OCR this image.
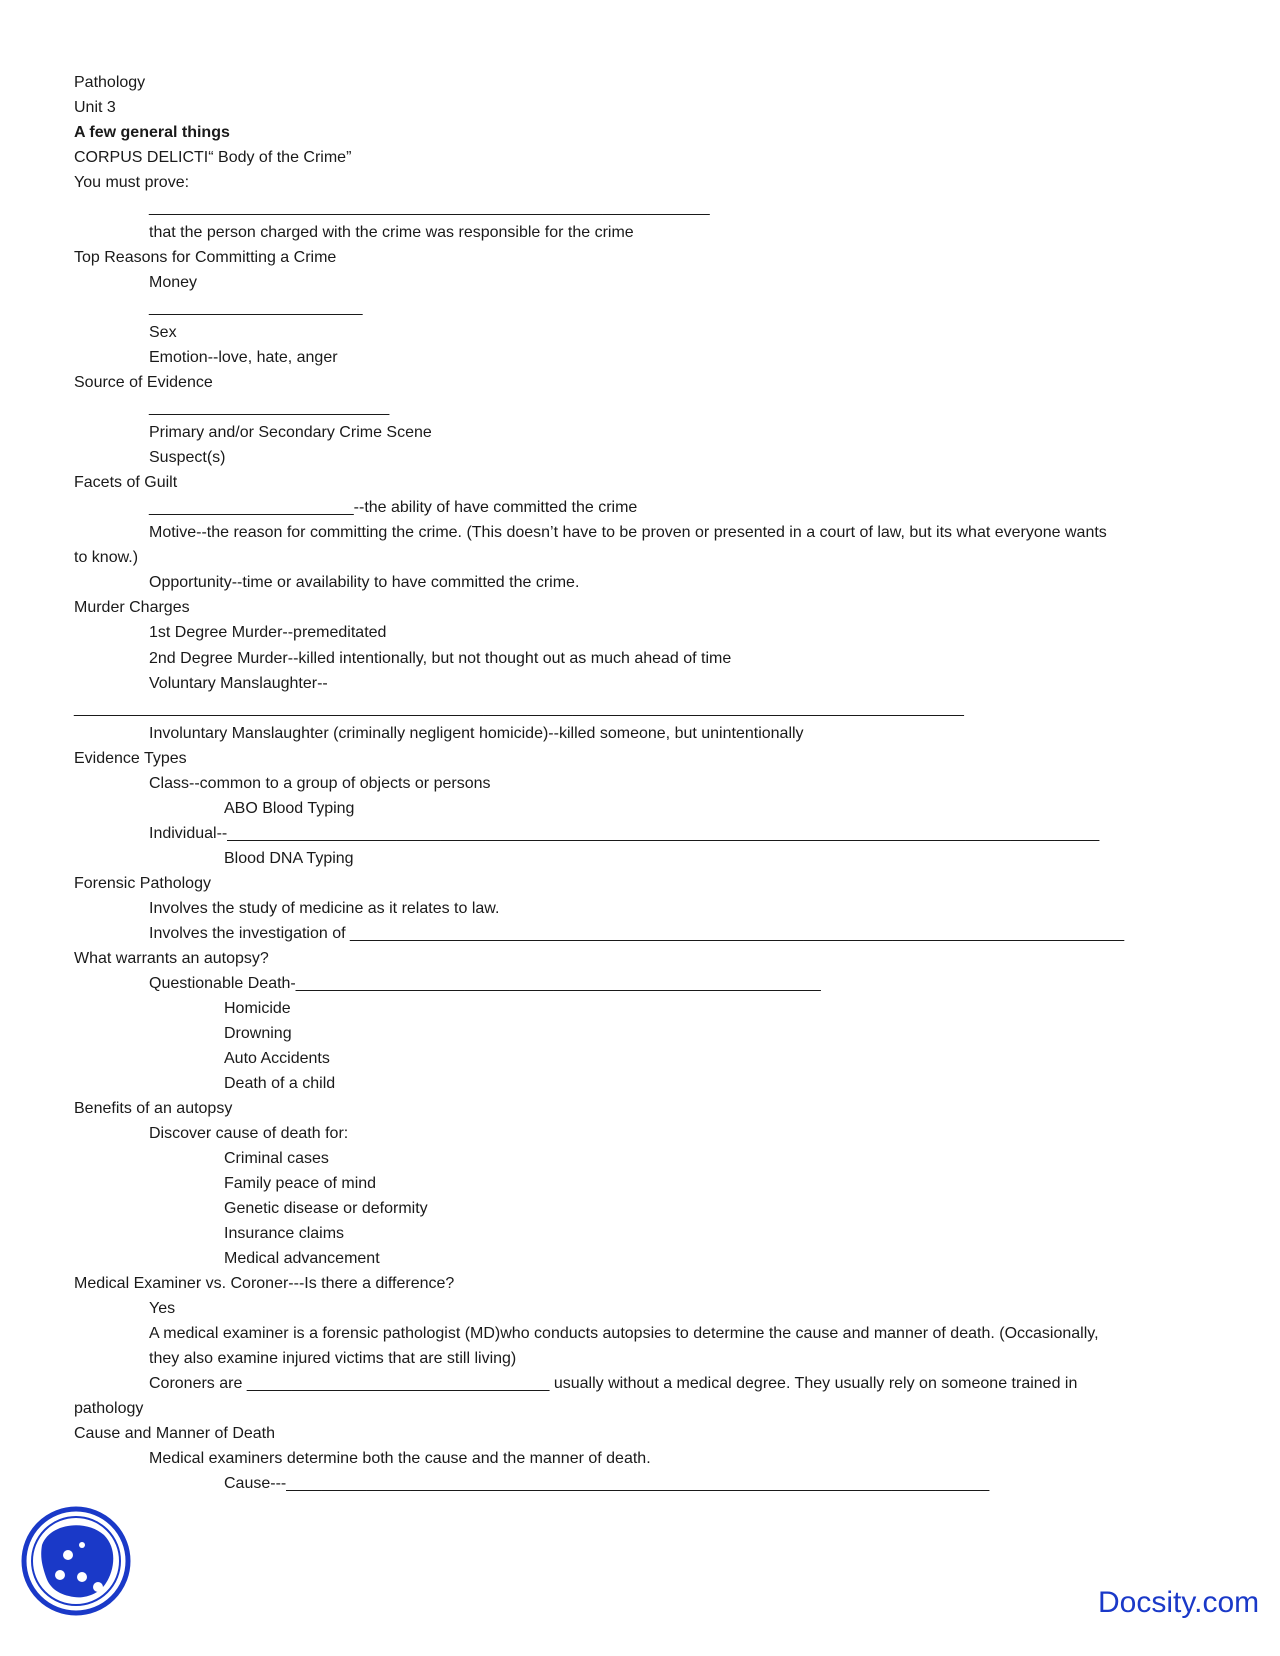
Pathology

Unit 3

A few general things

CORPUS DELICTI“ Body of the Crime”

You must prove:

_______________________________________________________________

that the person charged with the crime was responsible for the crime

Top Reasons for Committing a Crime

Money

________________________

Sex

Emotion--love, hate, anger

Source of Evidence

___________________________

Primary and/or Secondary Crime Scene

Suspect(s)

Facets of Guilt

_______________________--the ability of have committed the crime

Motive--the reason for committing the crime. (This doesn’t have to be proven or presented in a court of law, but its what everyone wants

to know.)

Opportunity--time or availability to have committed the crime.

Murder Charges

1st Degree Murder--premeditated

2nd Degree Murder--killed intentionally, but not thought out as much ahead of time

Voluntary Manslaughter--

____________________________________________________________________________________________________

Involuntary Manslaughter (criminally negligent homicide)--killed someone, but unintentionally

Evidence Types

Class--common to a group of objects or persons

ABO Blood Typing

Individual--__________________________________________________________________________________________________

Blood DNA Typing

Forensic Pathology

Involves the study of medicine as it relates to law.

Involves the investigation of _______________________________________________________________________________________

What warrants an autopsy?

Questionable Death-___________________________________________________________

Homicide

Drowning

Auto Accidents

Death of a child

Benefits of an autopsy

Discover cause of death for:

Criminal cases

Family peace of mind

Genetic disease or deformity

Insurance claims

Medical advancement

Medical Examiner vs. Coroner---Is there a difference?

Yes

A medical examiner is a forensic pathologist (MD)who conducts autopsies to determine the cause and manner of death. (Occasionally,

they also examine injured victims that are still living)

Coroners are __________________________________ usually without a medical degree. They usually rely on someone trained in

pathology

Cause and Manner of Death

Medical examiners determine both the cause and the manner of death.

Cause---_______________________________________________________________________________

Docsity.com
